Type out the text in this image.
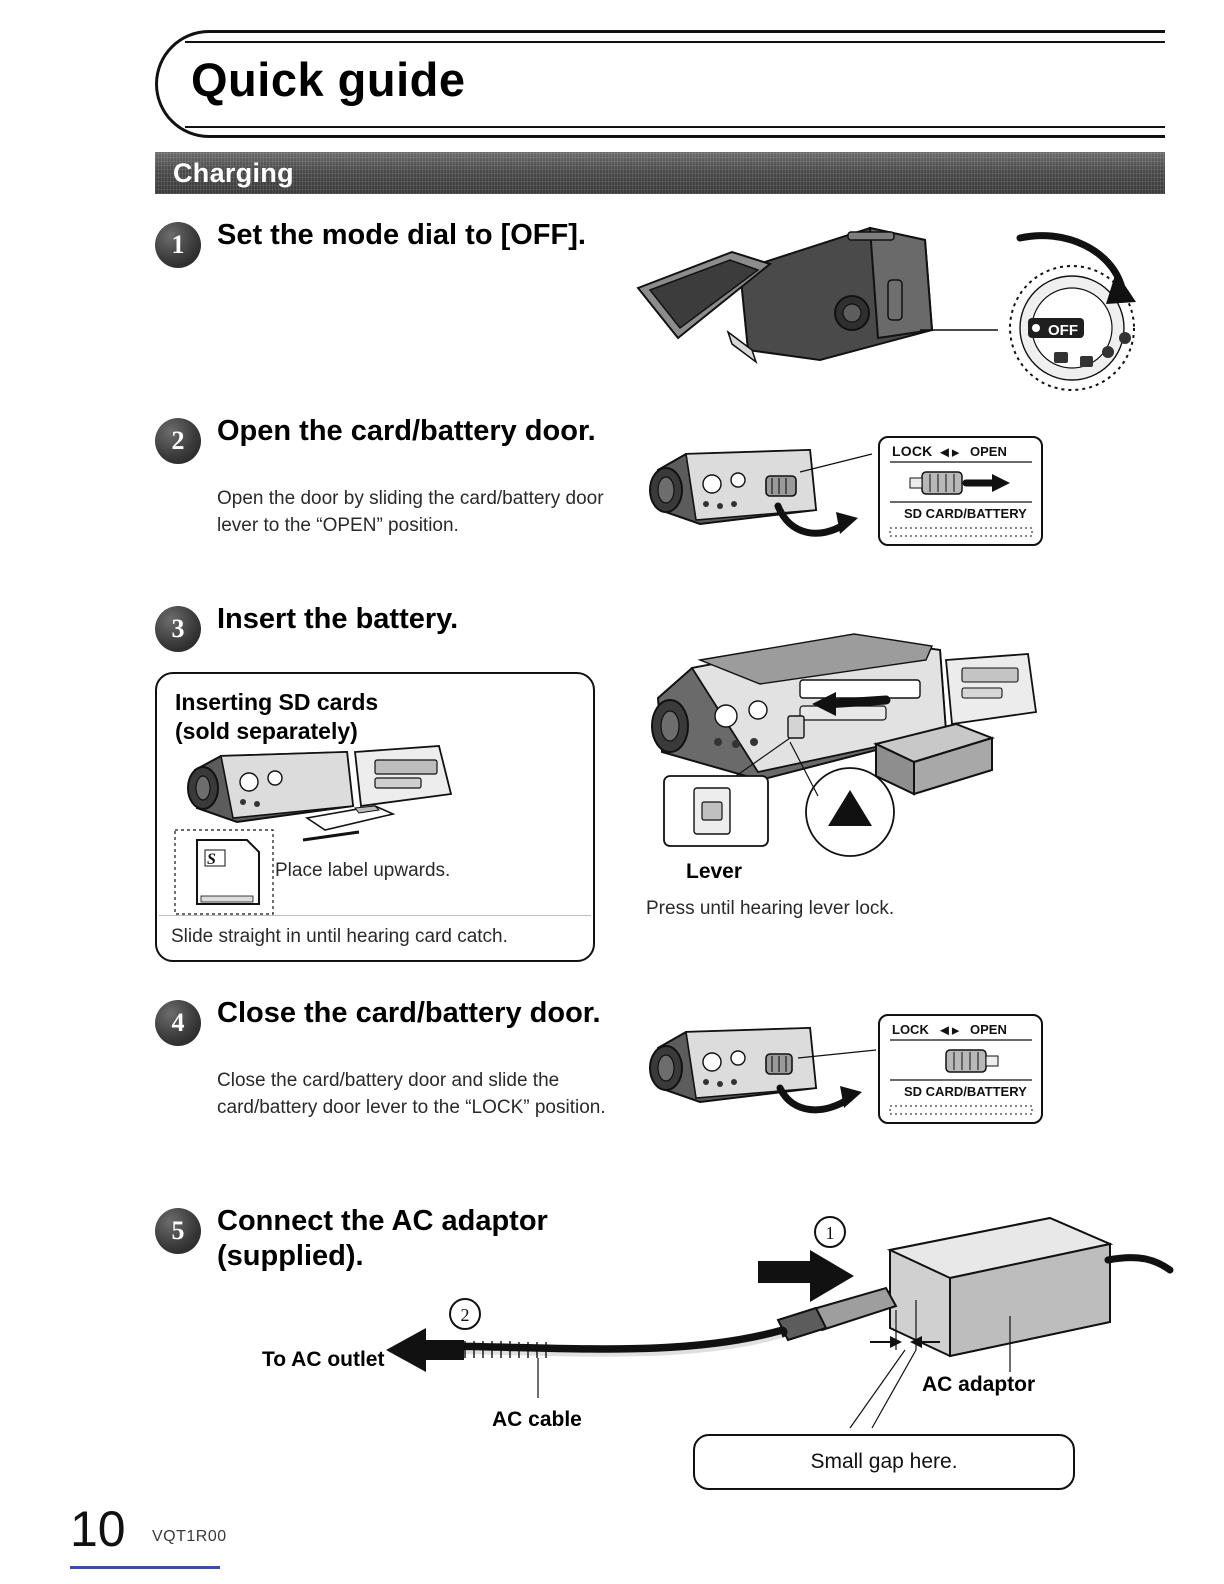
Quick guide
Charging
1	Set the mode dial to [OFF].
OFF
2	Open the card/battery door.
Open the door by sliding the card/battery door lever to the “OPEN” position.
LOCK ◄▸ OPEN
SD CARD/BATTERY
3	Insert the battery.
Inserting SD cards
(sold separately)
S
Place label upwards.
Slide straight in until hearing card catch.
Lever
Press until hearing lever lock.
4	Close the card/battery door.
Close the card/battery door and slide the card/battery door lever to the “LOCK” position.
LOCK ◄▸ OPEN
SD CARD/BATTERY
5	Connect the AC adaptor (supplied).
1
2
To AC outlet
AC cable
AC adaptor
Small gap here.
10 VQT1R00
